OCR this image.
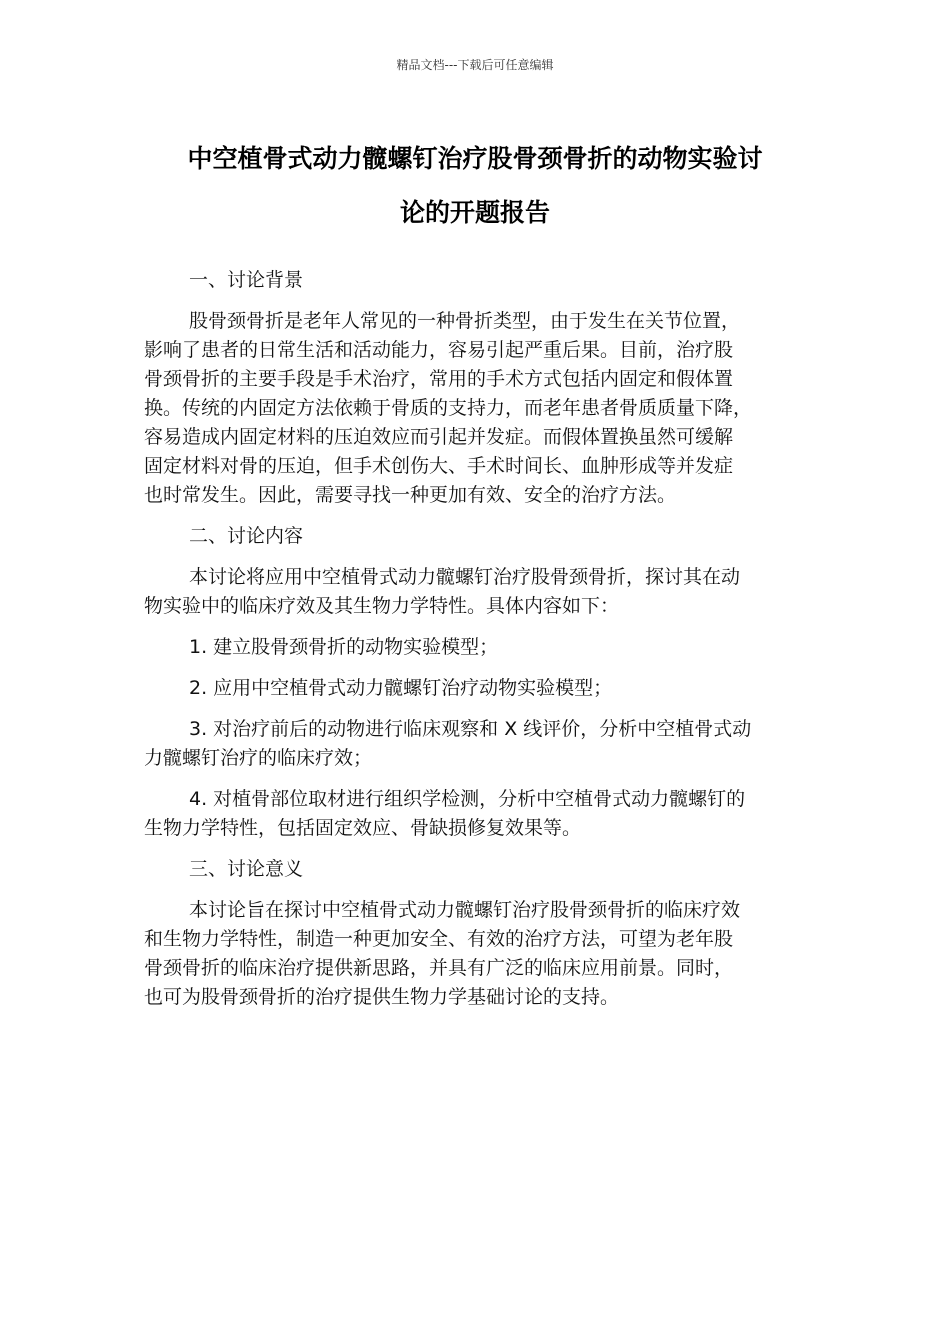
精品文档---下载后可任意编辑
中空植骨式动力髋螺钉治疗股骨颈骨折的动物实验讨
论的开题报告

一、讨论背景

股骨颈骨折是老年人常见的一种骨折类型，由于发生在关节位置，

影响了患者的日常生活和活动能力，容易引起严重后果。目前，治疗股

骨颈骨折的主要手段是手术治疗，常用的手术方式包括内固定和假体置

换。传统的内固定方法依赖于骨质的支持力，而老年患者骨质质量下降，

容易造成内固定材料的压迫效应而引起并发症。而假体置换虽然可缓解

固定材料对骨的压迫，但手术创伤大、手术时间长、血肿形成等并发症

也时常发生。因此，需要寻找一种更加有效、安全的治疗方法。

二、讨论内容

本讨论将应用中空植骨式动力髋螺钉治疗股骨颈骨折，探讨其在动

物实验中的临床疗效及其生物力学特性。具体内容如下：

1. 建立股骨颈骨折的动物实验模型；

2. 应用中空植骨式动力髋螺钉治疗动物实验模型；

3. 对治疗前后的动物进行临床观察和 X 线评价，分析中空植骨式动

力髋螺钉治疗的临床疗效；

4. 对植骨部位取材进行组织学检测，分析中空植骨式动力髋螺钉的

生物力学特性，包括固定效应、骨缺损修复效果等。

三、讨论意义

本讨论旨在探讨中空植骨式动力髋螺钉治疗股骨颈骨折的临床疗效

和生物力学特性，制造一种更加安全、有效的治疗方法，可望为老年股

骨颈骨折的临床治疗提供新思路，并具有广泛的临床应用前景。同时，

也可为股骨颈骨折的治疗提供生物力学基础讨论的支持。
